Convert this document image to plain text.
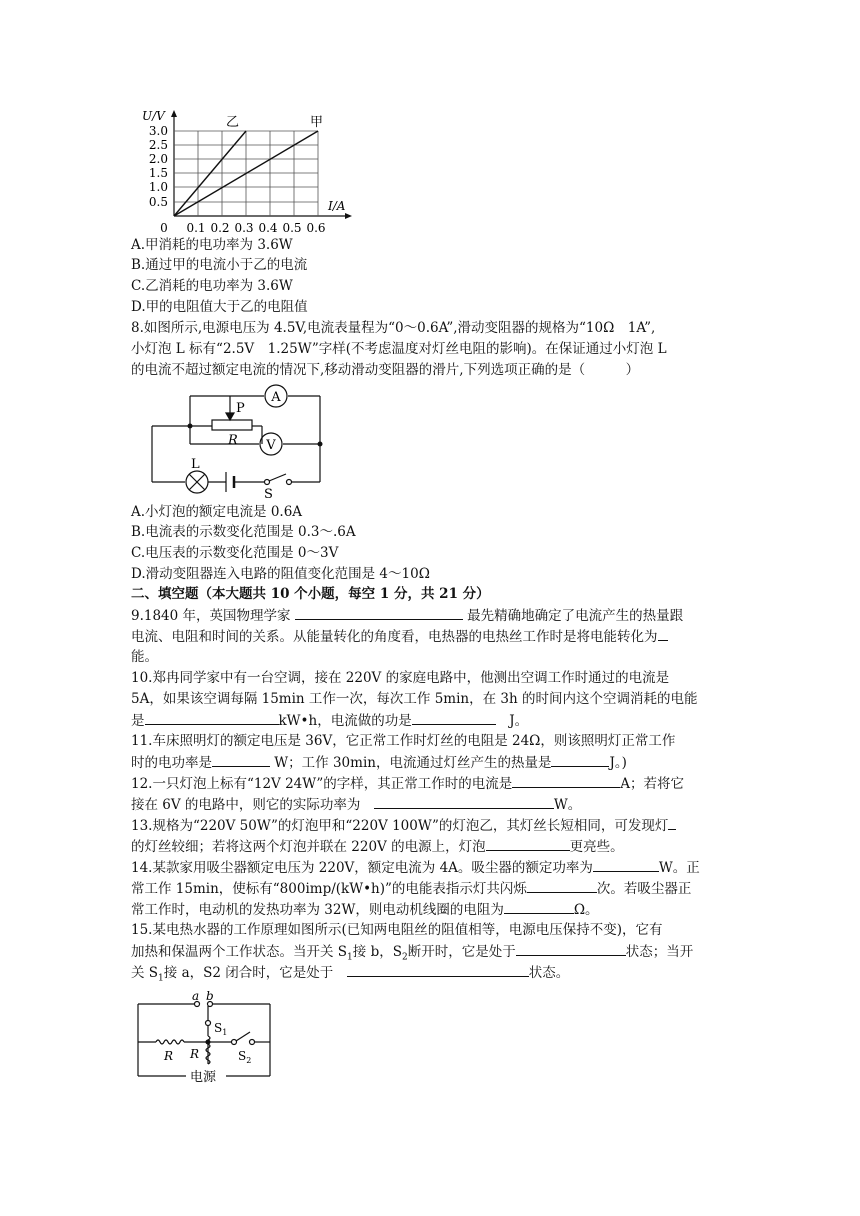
U/V
I/A
乙	甲
3.0
2.5
2.0
1.5
1.0
0.5
0 0.1 0.2 0.3 0.4 0.5 0.6
A.甲消耗的电功率为 3.6W
B.通过甲的电流小于乙的电流
C.乙消耗的电功率为 3.6W
D.甲的电阻值大于乙的电阻值
8.如图所示,电源电压为 4.5V,电流表量程为“0～0.6A”,滑动变阻器的规格为“10Ω　1A”,
小灯泡 L 标有“2.5V　1.25W”字样(不考虑温度对灯丝电阻的影响)。在保证通过小灯泡 L
的电流不超过额定电流的情况下,移动滑动变阻器的滑片,下列选项正确的是（　　　）
A
V
P
R
L
S
A.小灯泡的额定电流是 0.6A
B.电流表的示数变化范围是 0.3～.6A
C.电压表的示数变化范围是 0～3V
D.滑动变阻器连入电路的阻值变化范围是 4～10Ω
二、填空题（本大题共 10 个小题，每空 1 分，共 21 分）
9.1840 年，英国物理学家	最先精确地确定了电流产生的热量跟
电流、电阻和时间的关系。从能量转化的角度看，电热器的电热丝工作时是将电能转化为
能。
10.郑冉同学家中有一台空调，接在 220V 的家庭电路中，他测出空调工作时通过的电流是
5A，如果该空调每隔 15min 工作一次，每次工作 5min，在 3h 的时间内这个空调消耗的电能
是	kW•h，电流做的功是	　J。
11.车床照明灯的额定电压是 36V，它正常工作时灯丝的电阻是 24Ω，则该照明灯正常工作
时的电功率是	W；工作 30min，电流通过灯丝产生的热量是	J。)
12.一只灯泡上标有“12V 24W”的字样，其正常工作时的电流是	A；若将它
接在 6V 的电路中，则它的实际功率为　	W。
13.规格为“220V 50W”的灯泡甲和“220V 100W”的灯泡乙，其灯丝长短相同，可发现灯
的灯丝较细；若将这两个灯泡并联在 220V 的电源上，灯泡	更亮些。
14.某款家用吸尘器额定电压为 220V，额定电流为 4A。吸尘器的额定功率为	W。正
常工作 15min，使标有“800imp/(kW•h)”的电能表指示灯共闪烁	次。若吸尘器正
常工作时，电动机的发热功率为 32W，则电动机线圈的电阻为	Ω。
15.某电热水器的工作原理如图所示(已知两电阻丝的阻值相等，电源电压保持不变)，它有
加热和保温两个工作状态。当开关 $S_1$接 b，$S_2$断开时，它是处于	状态；当开
关 $S_1$接 a，S2 闭合时，它是处于　	状态。
a b
$S_1$
R
R	$S_2$
电源
